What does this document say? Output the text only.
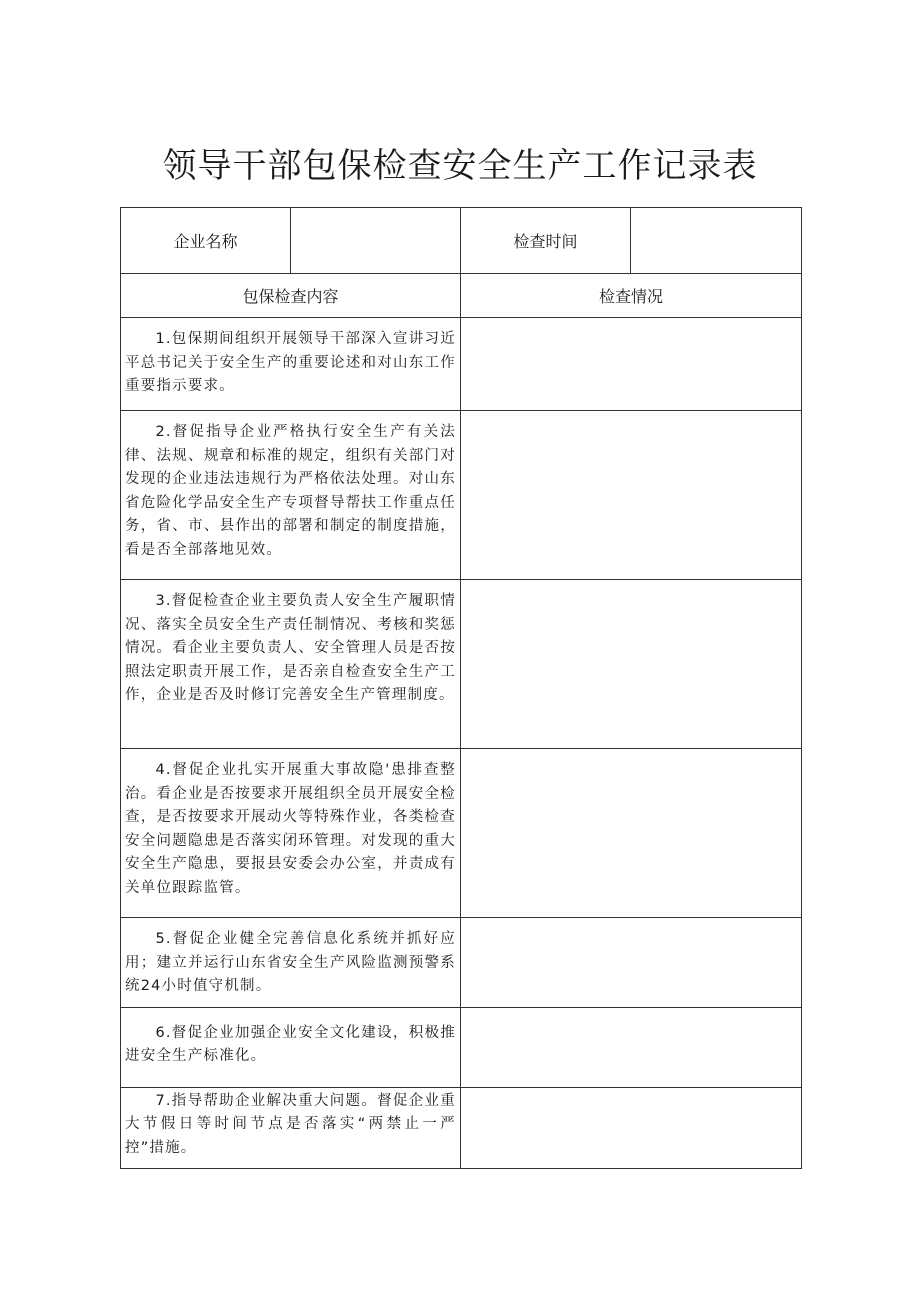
领导干部包保检查安全生产工作记录表
企业名称		检查时间	
包保检查内容		检查情况	
1.包保期间组织开展领导干部深入宣讲习近平总书记关于安全生产的重要论述和对山东工作重要指示要求。			
2.督促指导企业严格执行安全生产有关法律、法规、规章和标准的规定，组织有关部门对发现的企业违法违规行为严格依法处理。对山东省危险化学品安全生产专项督导帮扶工作重点任务，省、市、县作出的部署和制定的制度措施，看是否全部落地见效。			
3.督促检查企业主要负责人安全生产履职情况、落实全员安全生产责任制情况、考核和奖惩情况。看企业主要负责人、安全管理人员是否按照法定职责开展工作，是否亲自检查安全生产工作，企业是否及时修订完善安全生产管理制度。			
4.督促企业扎实开展重大事故隐'患排查整治。看企业是否按要求开展组织全员开展安全检查，是否按要求开展动火等特殊作业，各类检查安全问题隐患是否落实闭环管理。对发现的重大安全生产隐患，要报县安委会办公室，并责成有关单位跟踪监管。			
5.督促企业健全完善信息化系统并抓好应用；建立并运行山东省安全生产风险监测预警系统24小时值守机制。			
6.督促企业加强企业安全文化建设，积极推进安全生产标准化。			
7.指导帮助企业解决重大问题。督促企业重大节假日等时间节点是否落实“两禁止一严控”措施。			
